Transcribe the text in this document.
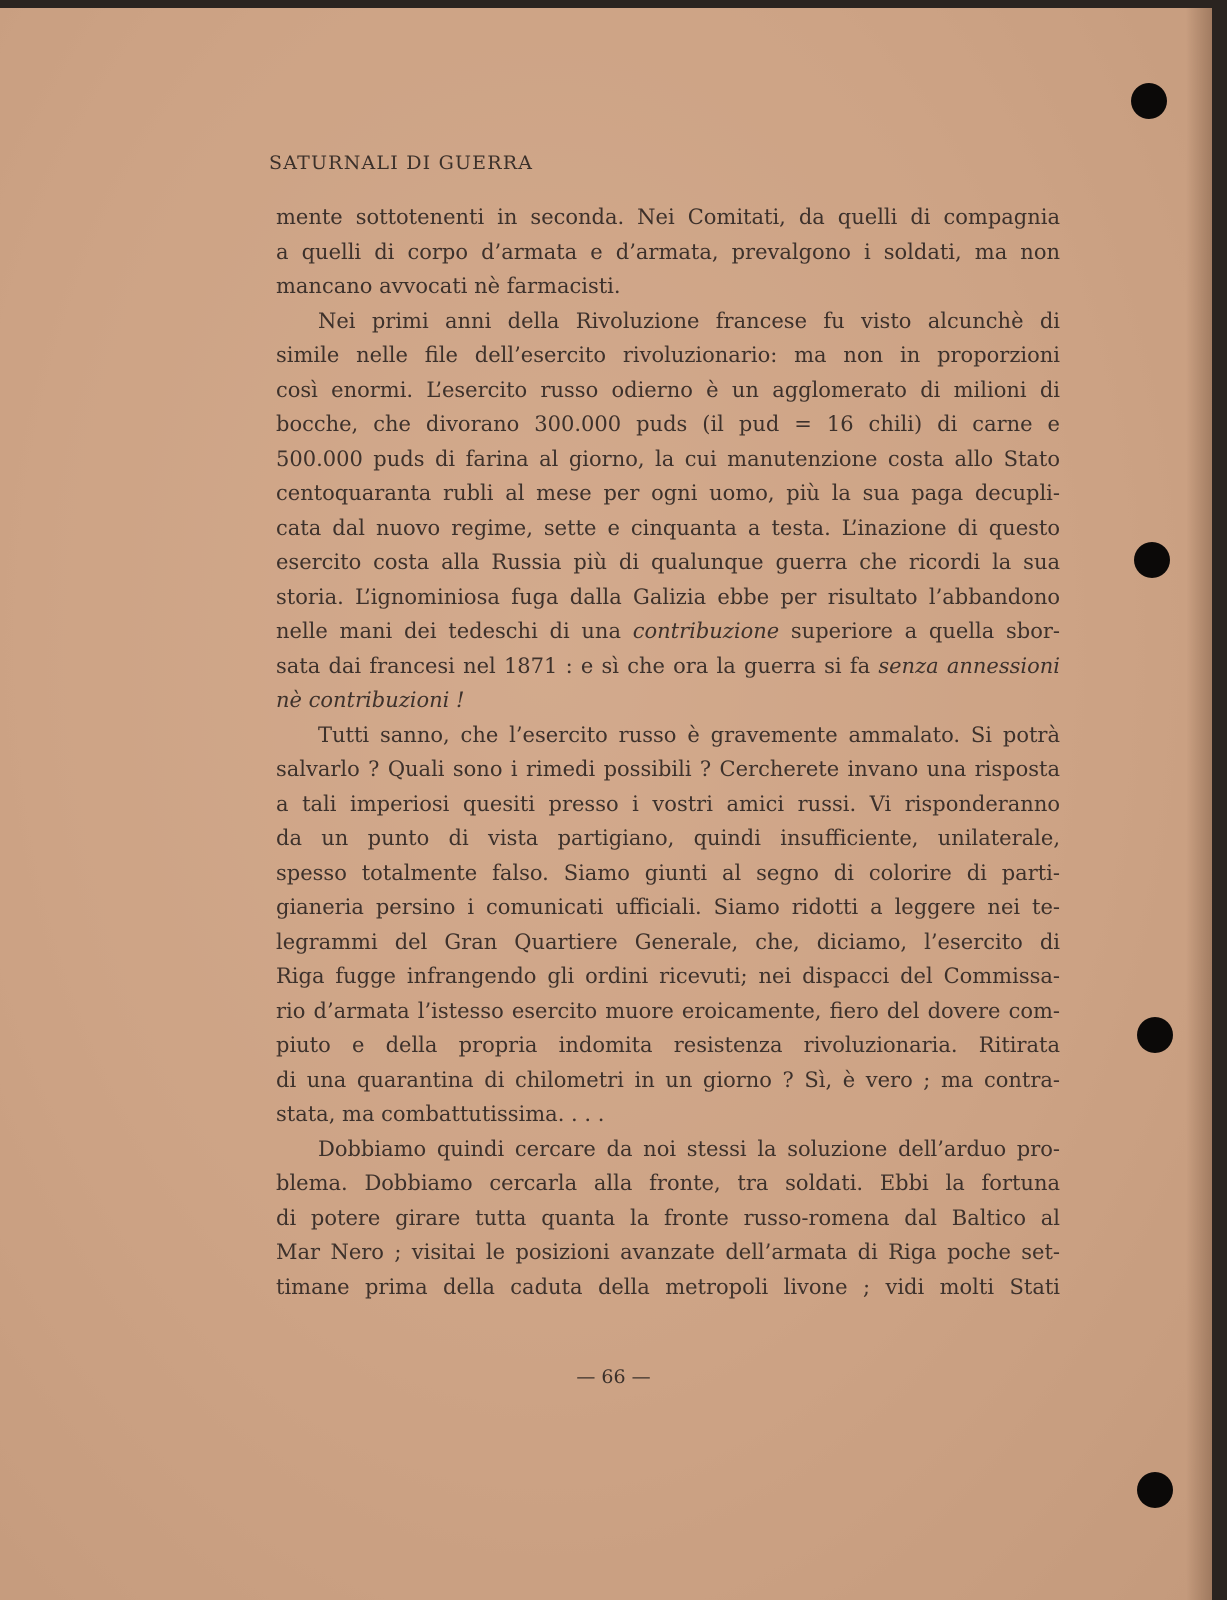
SATURNALI DI GUERRA
mente sottotenenti in seconda. Nei Comitati, da quelli di compagnia
a quelli di corpo d’armata e d’armata, prevalgono i soldati, ma non
mancano avvocati nè farmacisti.
Nei primi anni della Rivoluzione francese fu visto alcunchè di
simile nelle file dell’esercito rivoluzionario: ma non in proporzioni
così enormi. L’esercito russo odierno è un agglomerato di milioni di
bocche, che divorano 300.000 puds (il pud = 16 chili) di carne e
500.000 puds di farina al giorno, la cui manutenzione costa allo Stato
centoquaranta rubli al mese per ogni uomo, più la sua paga decupli-
cata dal nuovo regime, sette e cinquanta a testa. L’inazione di questo
esercito costa alla Russia più di qualunque guerra che ricordi la sua
storia. L’ignominiosa fuga dalla Galizia ebbe per risultato l’abbandono
nelle mani dei tedeschi di una contribuzione superiore a quella sbor-
sata dai francesi nel 1871 : e sì che ora la guerra si fa senza annessioni
nè contribuzioni !
Tutti sanno, che l’esercito russo è gravemente ammalato. Si potrà
salvarlo ? Quali sono i rimedi possibili ? Cercherete invano una risposta
a tali imperiosi quesiti presso i vostri amici russi. Vi risponderanno
da un punto di vista partigiano, quindi insufficiente, unilaterale,
spesso totalmente falso. Siamo giunti al segno di colorire di parti-
gianeria persino i comunicati ufficiali. Siamo ridotti a leggere nei te-
legrammi del Gran Quartiere Generale, che, diciamo, l’esercito di
Riga fugge infrangendo gli ordini ricevuti; nei dispacci del Commissa-
rio d’armata l’istesso esercito muore eroicamente, fiero del dovere com-
piuto e della propria indomita resistenza rivoluzionaria. Ritirata
di una quarantina di chilometri in un giorno ? Sì, è vero ; ma contra-
stata, ma combattutissima. . . .
Dobbiamo quindi cercare da noi stessi la soluzione dell’arduo pro-
blema. Dobbiamo cercarla alla fronte, tra soldati. Ebbi la fortuna
di potere girare tutta quanta la fronte russo-romena dal Baltico al
Mar Nero ; visitai le posizioni avanzate dell’armata di Riga poche set-
timane prima della caduta della metropoli livone ; vidi molti Stati

— 66 —
